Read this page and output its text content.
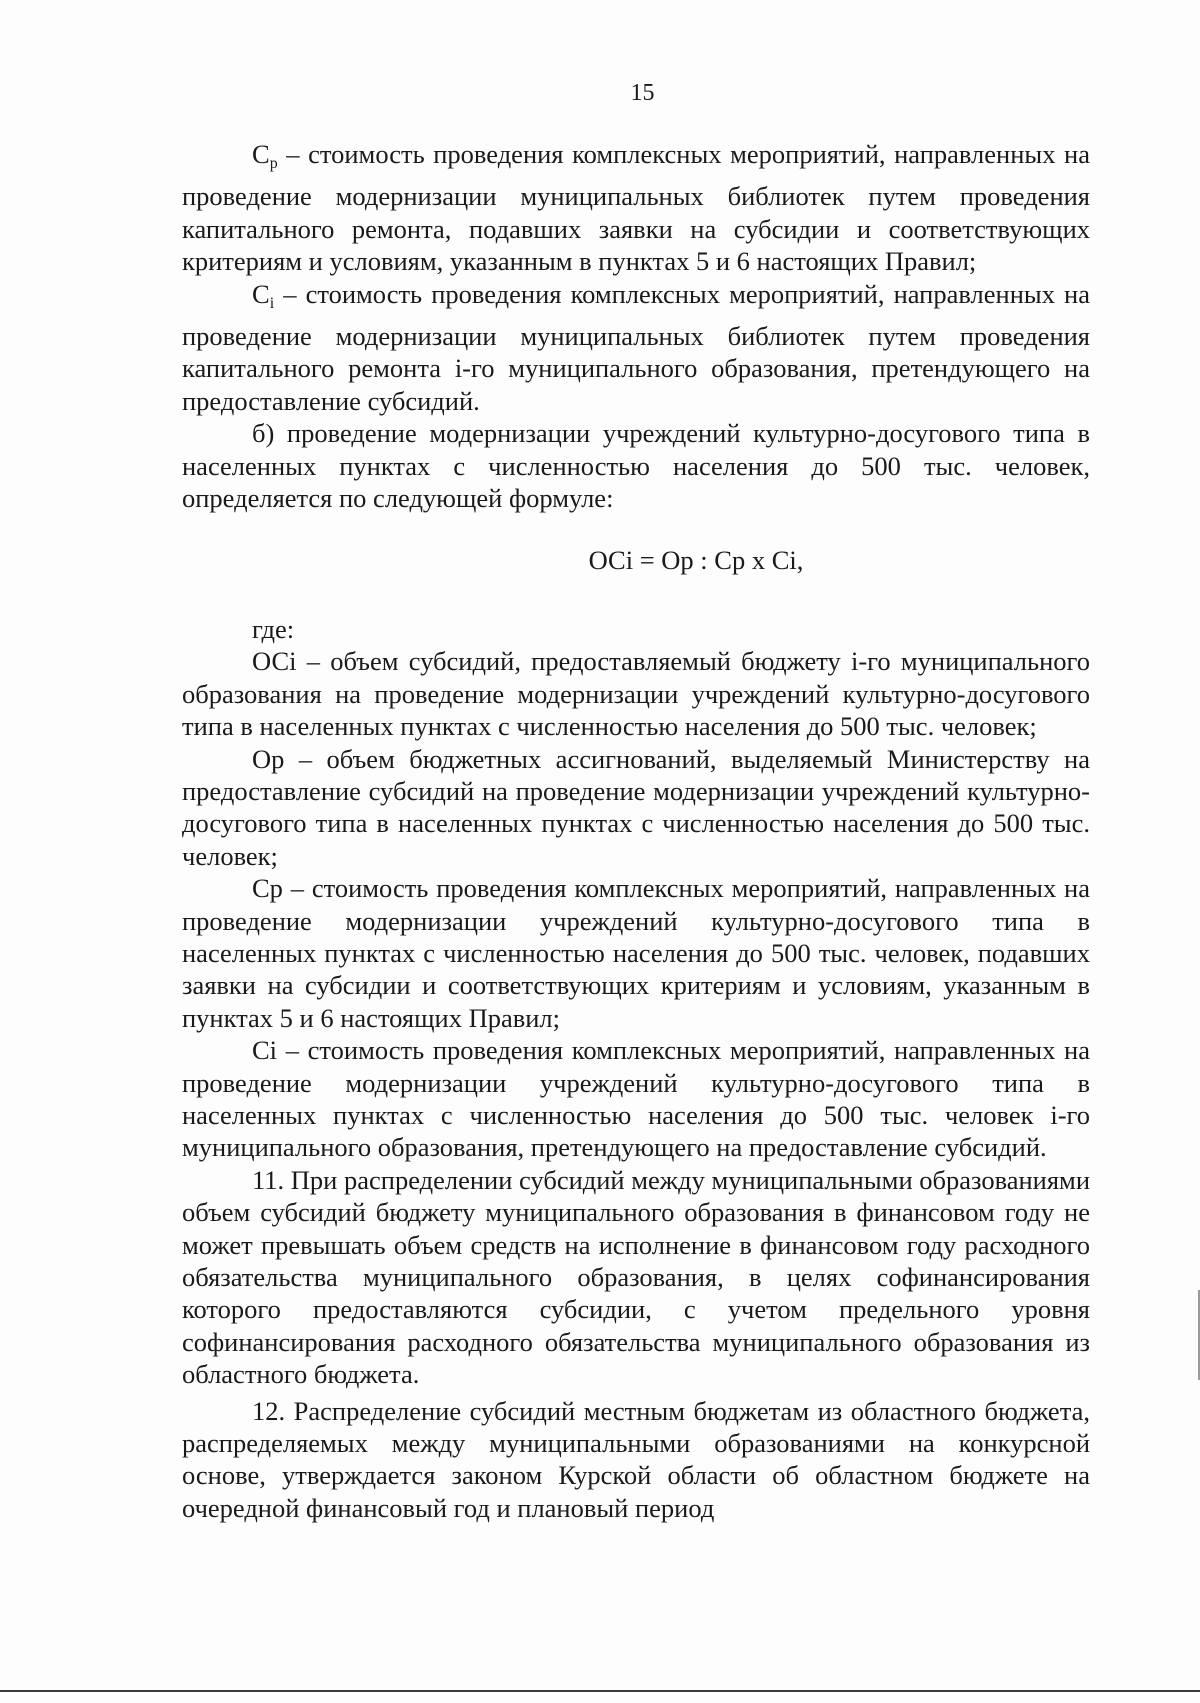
15

$С_р$ – стоимость проведения комплексных мероприятий, направленных на проведение модернизации муниципальных библиотек путем проведения капитального ремонта, подавших заявки на субсидии и соответствующих критериям и условиям, указанным в пунктах 5 и 6 настоящих Правил;

$С_i$ – стоимость проведения комплексных мероприятий, направленных на проведение модернизации муниципальных библиотек путем проведения капитального ремонта i-го муниципального образования, претендующего на предоставление субсидий.

б) проведение модернизации учреждений культурно-досугового типа в населенных пунктах с численностью населения до 500 тыс. человек, определяется по следующей формуле:

ОСi = Ор : Ср x Сi,

где:

ОСi – объем субсидий, предоставляемый бюджету i-го муниципального образования на проведение модернизации учреждений культурно-досугового типа в населенных пунктах с численностью населения до 500 тыс. человек;

Ор – объем бюджетных ассигнований, выделяемый Министерству на предоставление субсидий на проведение модернизации учреждений культурно-досугового типа в населенных пунктах с численностью населения до 500 тыс. человек;

Ср – стоимость проведения комплексных мероприятий, направленных на проведение модернизации учреждений культурно-досугового типа в населенных пунктах с численностью населения до 500 тыс. человек, подавших заявки на субсидии и соответствующих критериям и условиям, указанным в пунктах 5 и 6 настоящих Правил;

Сi – стоимость проведения комплексных мероприятий, направленных на проведение модернизации учреждений культурно-досугового типа в населенных пунктах с численностью населения до 500 тыс. человек i-го муниципального образования, претендующего на предоставление субсидий.

11. При распределении субсидий между муниципальными образованиями объем субсидий бюджету муниципального образования в финансовом году не может превышать объем средств на исполнение в финансовом году расходного обязательства муниципального образования, в целях софинансирования которого предоставляются субсидии, с учетом предельного уровня софинансирования расходного обязательства муниципального образования из областного бюджета.

12. Распределение субсидий местным бюджетам из областного бюджета, распределяемых между муниципальными образованиями на конкурсной основе, утверждается законом Курской области об областном бюджете на очередной финансовый год и плановый период
